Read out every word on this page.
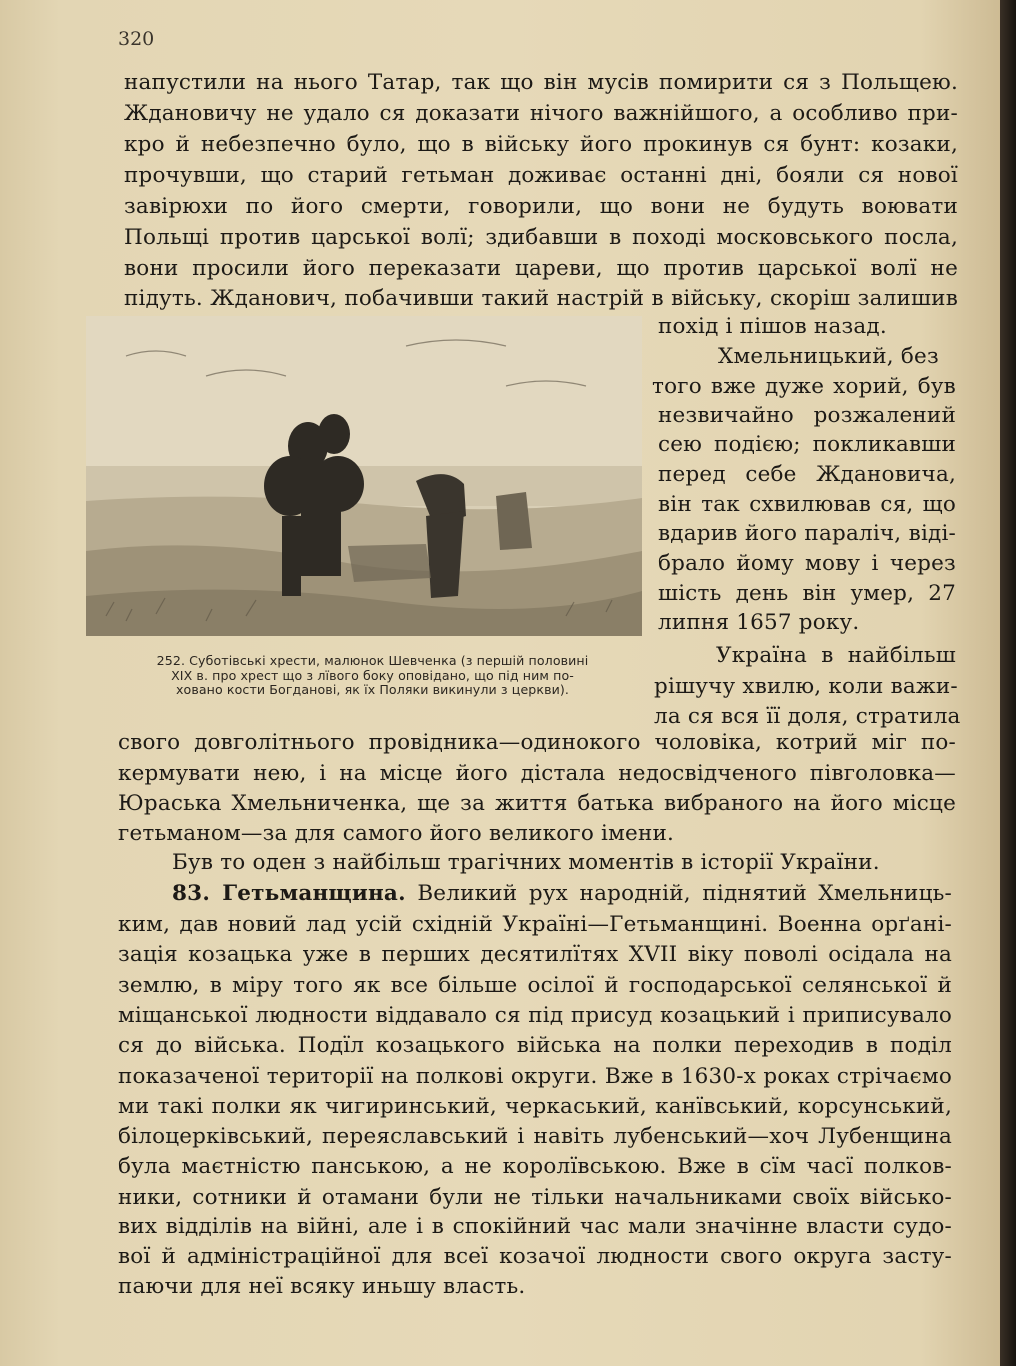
320

напустили на нього Татар, так що він мусів помирити ся з Польщею.

Ждановичу не удало ся доказати нічого важнійшого, а особливо при-

кро й небезпечно було, що в війську його прокинув ся бунт: козаки,

прочувши, що старий гетьман доживає останні дні, бояли ся нової

завірюхи по його смерти, говорили, що вони не будуть воювати

Польщі против царської волї; здибавши в поході московського посла,

вони просили його переказати цареви, що против царської волї не

підуть. Жданович, побачивши такий настрій в війську, скоріш залишив

похід і пішов назад.

Хмельницький, без

того вже дуже хорий, був

незвичайно розжалений

сею подією; покликавши

перед себе Ждановича,

він так схвилював ся, що

вдарив його параліч, віді-

брало йому мову і через

шість день він умер, 27

липня 1657 року.

Україна в найбільш

рішучу хвилю, коли важи-

ла ся вся її доля, стратила

252. Суботівські хрести, малюнок Шевченка (з першій половині
XIX в. про хрест що з лївого боку оповідано, що під ним по-
ховано кости Богданові, як їх Поляки викинули з церкви).

свого довголітнього провідника—одинокого чоловіка, котрий міг по-

кермувати нею, і на місце його дістала недосвідченого півголовка—

Юраська Хмельниченка, ще за життя батька вибраного на його місце

гетьманом—за для самого його великого імени.

Був то оден з найбільш трагічних моментів в історії України.

83. Гетьманщина. Великий рух народній, піднятий Хмельниць-

ким, дав новий лад усій східній Україні—Гетьманщині. Военна орґані-

зація козацька уже в перших десятилїтях XVII віку поволі осідала на

землю, в міру того як все більше осілої й господарської селянської й

міщанської людности віддавало ся під присуд козацький і приписувало

ся до війська. Подїл козацького війська на полки переходив в поділ

показаченої території на полкові округи. Вже в 1630-х роках стрічаємо

ми такі полки як чигиринський, черкаський, канївський, корсунський,

білоцерківський, переяславський і навіть лубенський—хоч Лубенщина

була маєтністю панською, а не королївською. Вже в сїм часї полков-

ники, сотники й отамани були не тільки начальниками своїх військо-

вих відділів на війні, але і в спокійний час мали значінне власти судо-

вої й адміністраційної для всеї козачої людности свого округа засту-

паючи для неї всяку иньшу власть.
